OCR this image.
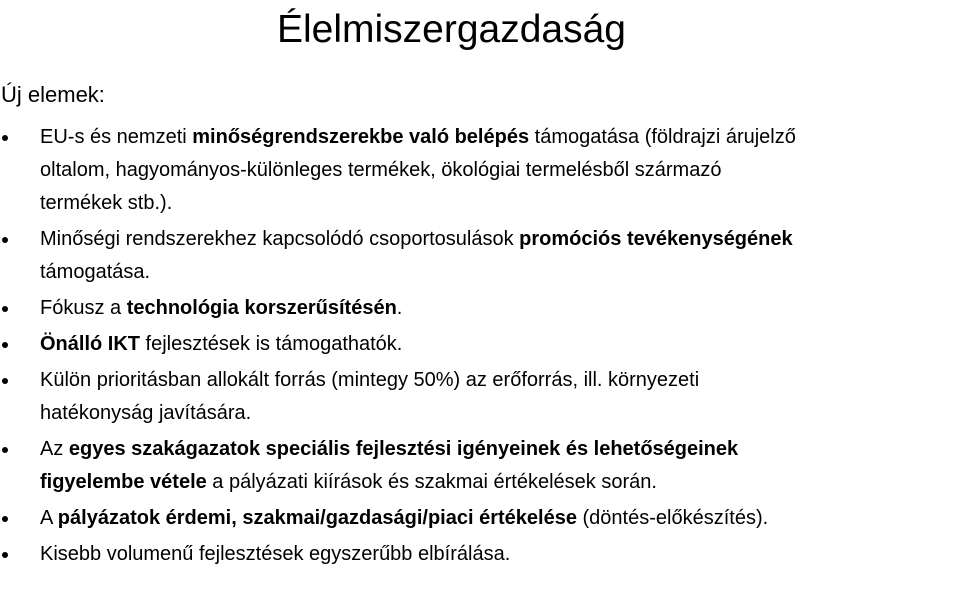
Élelmiszergazdaság

Új elemek:

EU-s és nemzeti minőségrendszerekbe való belépés támogatása (földrajzi árujelző
oltalom, hagyományos-különleges termékek, ökológiai termelésből származó
termékek stb.).
Minőségi rendszerekhez kapcsolódó csoportosulások promóciós tevékenységének
támogatása.
Fókusz a technológia korszerűsítésén.
Önálló IKT fejlesztések is támogathatók.
Külön prioritásban allokált forrás (mintegy 50%) az erőforrás, ill. környezeti
hatékonyság javítására.
Az egyes szakágazatok speciális fejlesztési igényeinek és lehetőségeinek
figyelembe vétele a pályázati kiírások és szakmai értékelések során.
A pályázatok érdemi, szakmai/gazdasági/piaci értékelése (döntés-előkészítés).
Kisebb volumenű fejlesztések egyszerűbb elbírálása.
